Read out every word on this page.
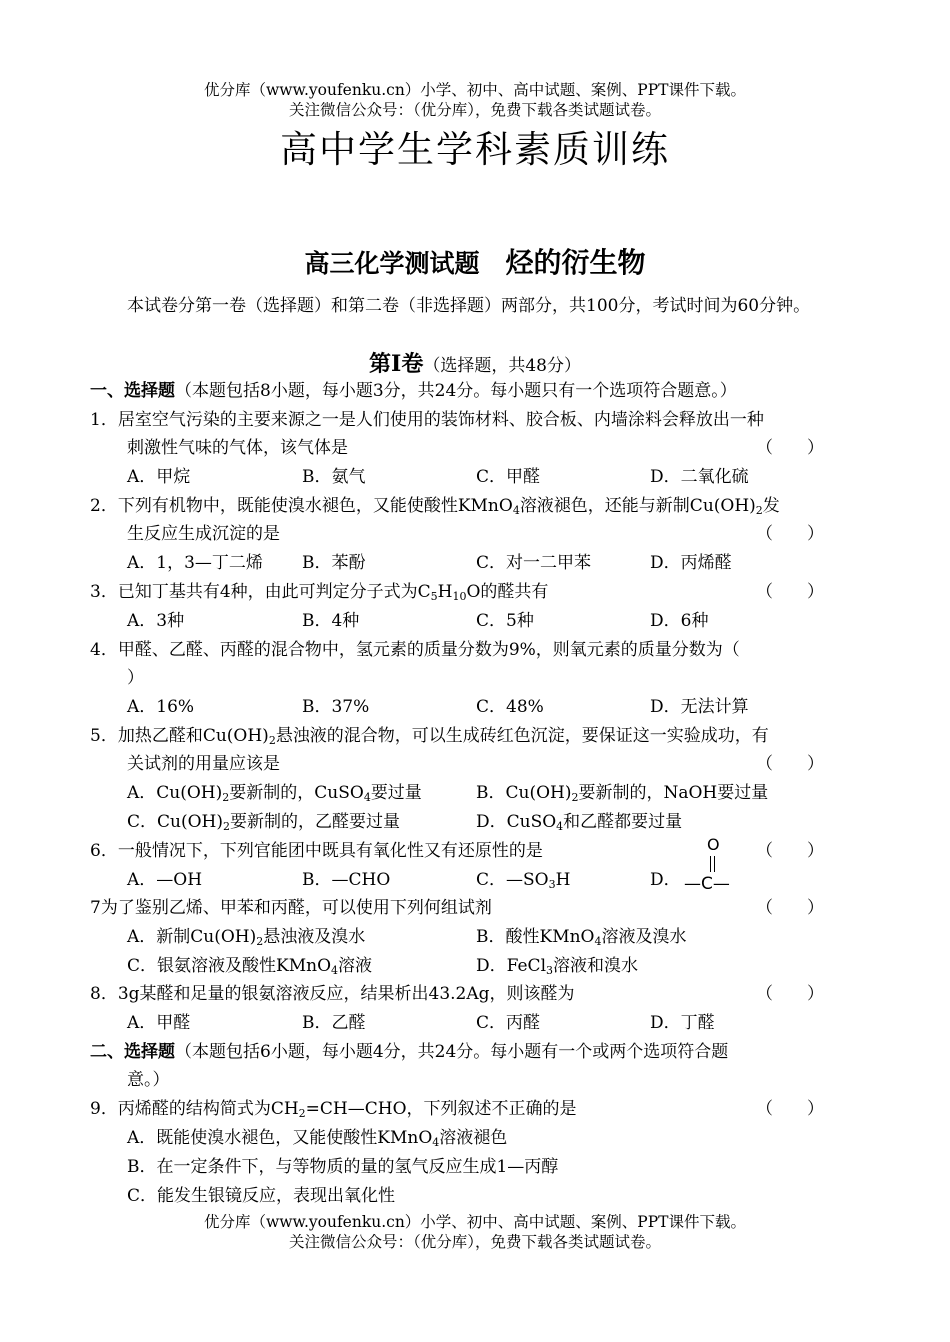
优分库（www.youfenku.cn）小学、初中、高中试题、案例、PPT课件下载。
关注微信公众号：（优分库），免费下载各类试题试卷。
高中学生学科素质训练
高三化学测试题 烃的衍生物
本试卷分第一卷（选择题）和第二卷（非选择题）两部分，共100分，考试时间为60分钟。
第Ⅰ卷（选择题，共48分）
一、选择题（本题包括8小题，每小题3分，共24分。每小题只有一个选项符合题意。）
1．居室空气污染的主要来源之一是人们使用的装饰材料、胶合板、内墙涂料会释放出一种
刺激性气味的气体，该气体是	（　　）
A．甲烷	B．氨气	C．甲醛	D．二氧化硫
2．下列有机物中，既能使溴水褪色，又能使酸性KMnO$_4$溶液褪色，还能与新制$Cu(OH)_2$发
生反应生成沉淀的是	（　　）
A．1，3—丁二烯 B．苯酚	C．对一二甲苯	D．丙烯醛
3．已知丁基共有4种，由此可判定分子式为$C_5H_{10}O$的醛共有	（　　）
A．3种	B．4种	C．5种	D．6种
4．甲醛、乙醛、丙醛的混合物中，氢元素的质量分数为9%，则氧元素的质量分数为（
）
A．16%	B．37%	C．48%	D．无法计算
5．加热乙醛和$Cu(OH)_2$悬浊液的混合物，可以生成砖红色沉淀，要保证这一实验成功，有
关试剂的用量应该是	（　　）
A．$Cu(OH)_2$要新制的，CuSO$_4$要过量	B．$Cu(OH)_2$要新制的，NaOH要过量
C．$Cu(OH)_2$要新制的，乙醛要过量	D．CuSO$_4$和乙醛都要过量
6．一般情况下，下列官能团中既具有氧化性又有还原性的是	（　　）
A．—OH	B．—CHO	C．$—SO_3H$	D．
O
—C—
7为了鉴别乙烯、甲苯和丙醛，可以使用下列何组试剂	（　　）
A．新制$Cu(OH)_2$悬浊液及溴水	B．酸性KMnO$_4$溶液及溴水
C．银氨溶液及酸性KMnO$_4$溶液	D．FeCl$_3$溶液和溴水
8．3g某醛和足量的银氨溶液反应，结果析出43.2Ag，则该醛为	（　　）
A．甲醛	B．乙醛	C．丙醛	D．丁醛
二、选择题（本题包括6小题，每小题4分，共24分。每小题有一个或两个选项符合题
意。）
9．丙烯醛的结构简式为$CH_2=CH—CHO$，下列叙述不正确的是	（　　）
A．既能使溴水褪色，又能使酸性KMnO$_4$溶液褪色
B．在一定条件下，与等物质的量的氢气反应生成1—丙醇
C．能发生银镜反应，表现出氧化性
优分库（www.youfenku.cn）小学、初中、高中试题、案例、PPT课件下载。
关注微信公众号：（优分库），免费下载各类试题试卷。
